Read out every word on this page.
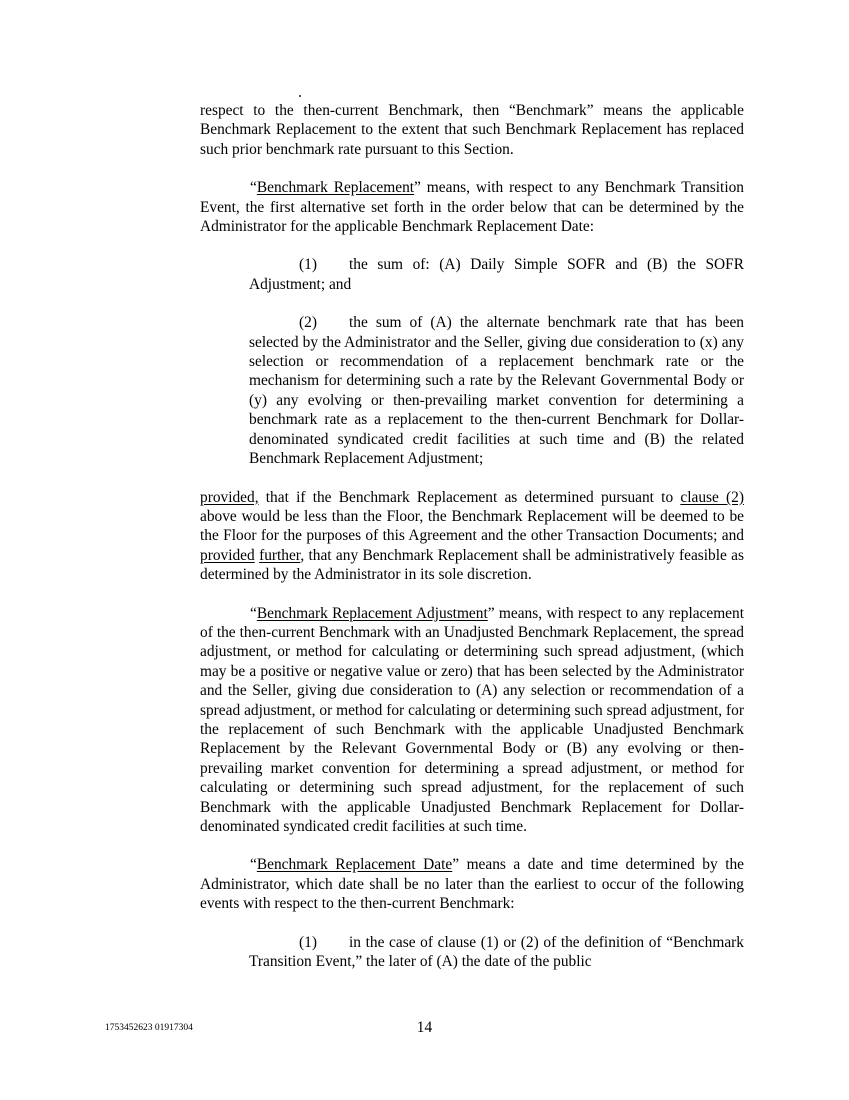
respect to the then-current Benchmark, then “Benchmark” means the applicable Benchmark Replacement to the extent that such Benchmark Replacement has replaced such prior benchmark rate pursuant to this Section.

“Benchmark Replacement” means, with respect to any Benchmark Transition Event, the first alternative set forth in the order below that can be determined by the Administrator for the applicable Benchmark Replacement Date:

(1) the sum of: (A) Daily Simple SOFR and (B) the SOFR Adjustment; and

(2) the sum of (A) the alternate benchmark rate that has been selected by the Administrator and the Seller, giving due consideration to (x) any selection or recommendation of a replacement benchmark rate or the mechanism for determining such a rate by the Relevant Governmental Body or (y) any evolving or then-prevailing market convention for determining a benchmark rate as a replacement to the then-current Benchmark for Dollar-denominated syndicated credit facilities at such time and (B) the related Benchmark Replacement Adjustment;

provided, that if the Benchmark Replacement as determined pursuant to clause (2) above would be less than the Floor, the Benchmark Replacement will be deemed to be the Floor for the purposes of this Agreement and the other Transaction Documents; and provided further, that any Benchmark Replacement shall be administratively feasible as determined by the Administrator in its sole discretion.

“Benchmark Replacement Adjustment” means, with respect to any replacement of the then-current Benchmark with an Unadjusted Benchmark Replacement, the spread adjustment, or method for calculating or determining such spread adjustment, (which may be a positive or negative value or zero) that has been selected by the Administrator and the Seller, giving due consideration to (A) any selection or recommendation of a spread adjustment, or method for calculating or determining such spread adjustment, for the replacement of such Benchmark with the applicable Unadjusted Benchmark Replacement by the Relevant Governmental Body or (B) any evolving or then-prevailing market convention for determining a spread adjustment, or method for calculating or determining such spread adjustment, for the replacement of such Benchmark with the applicable Unadjusted Benchmark Replacement for Dollar-denominated syndicated credit facilities at such time.

“Benchmark Replacement Date” means a date and time determined by the Administrator, which date shall be no later than the earliest to occur of the following events with respect to the then-current Benchmark:

(1) in the case of clause (1) or (2) of the definition of “Benchmark Transition Event,” the later of (A) the date of the public

1753452623 01917304	14
